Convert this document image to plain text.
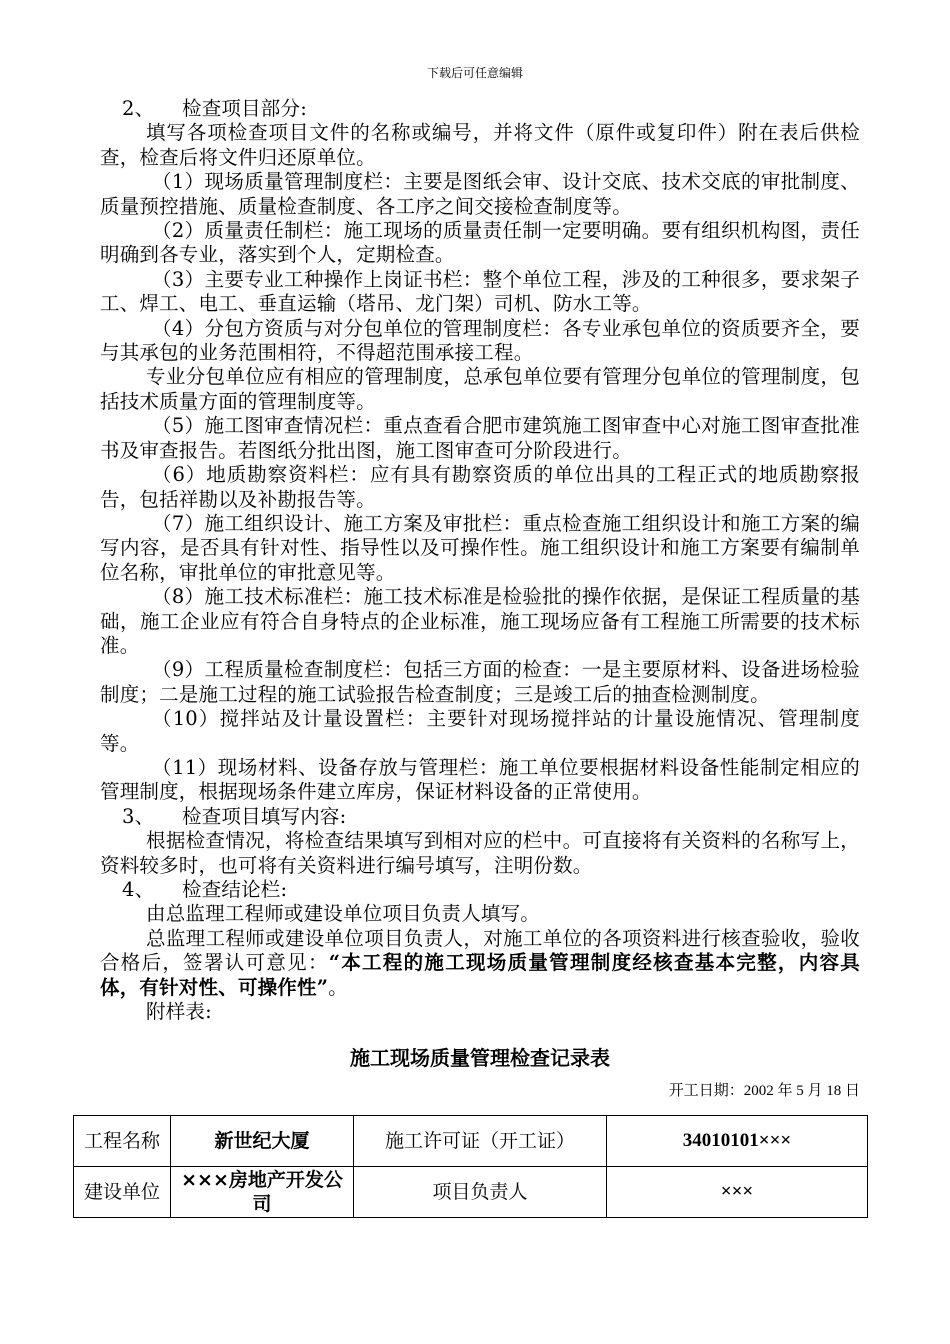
下载后可任意编辑

2、 检查项目部分:

填写各项检查项目文件的名称或编号，并将文件（原件或复印件）附在表后供检查，检查后将文件归还原单位。

（1）现场质量管理制度栏：主要是图纸会审、设计交底、技术交底的审批制度、质量预控措施、质量检查制度、各工序之间交接检查制度等。

（2）质量责任制栏：施工现场的质量责任制一定要明确。要有组织机构图，责任明确到各专业，落实到个人，定期检查。

（3）主要专业工种操作上岗证书栏：整个单位工程，涉及的工种很多，要求架子工、焊工、电工、垂直运输（塔吊、龙门架）司机、防水工等。

（4）分包方资质与对分包单位的管理制度栏：各专业承包单位的资质要齐全，要与其承包的业务范围相符，不得超范围承接工程。

专业分包单位应有相应的管理制度，总承包单位要有管理分包单位的管理制度，包括技术质量方面的管理制度等。

（5）施工图审查情况栏：重点查看合肥市建筑施工图审查中心对施工图审查批准书及审查报告。若图纸分批出图，施工图审查可分阶段进行。

（6）地质勘察资料栏：应有具有勘察资质的单位出具的工程正式的地质勘察报告，包括祥勘以及补勘报告等。

（7）施工组织设计、施工方案及审批栏：重点检查施工组织设计和施工方案的编写内容，是否具有针对性、指导性以及可操作性。施工组织设计和施工方案要有编制单位名称，审批单位的审批意见等。

（8）施工技术标准栏：施工技术标准是检验批的操作依据，是保证工程质量的基础，施工企业应有符合自身特点的企业标准，施工现场应备有工程施工所需要的技术标准。

（9）工程质量检查制度栏：包括三方面的检查：一是主要原材料、设备进场检验制度；二是施工过程的施工试验报告检查制度；三是竣工后的抽查检测制度。

（10）搅拌站及计量设置栏：主要针对现场搅拌站的计量设施情况、管理制度等。

（11）现场材料、设备存放与管理栏：施工单位要根据材料设备性能制定相应的管理制度，根据现场条件建立库房，保证材料设备的正常使用。

3、 检查项目填写内容:

根据检查情况，将检查结果填写到相对应的栏中。可直接将有关资料的名称写上，资料较多时，也可将有关资料进行编号填写，注明份数。

4、 检查结论栏:

由总监理工程师或建设单位项目负责人填写。

总监理工程师或建设单位项目负责人，对施工单位的各项资料进行核查验收，验收合格后，签署认可意见：“本工程的施工现场质量管理制度经核查基本完整，内容具体，有针对性、可操作性”。

附样表:

施工现场质量管理检查记录表
开工日期：2002 年 5 月 18 日
工程名称	新世纪大厦	施工许可证（开工证）	34010101×××
建设单位	×××房地产开发公司	项目负责人	×××
